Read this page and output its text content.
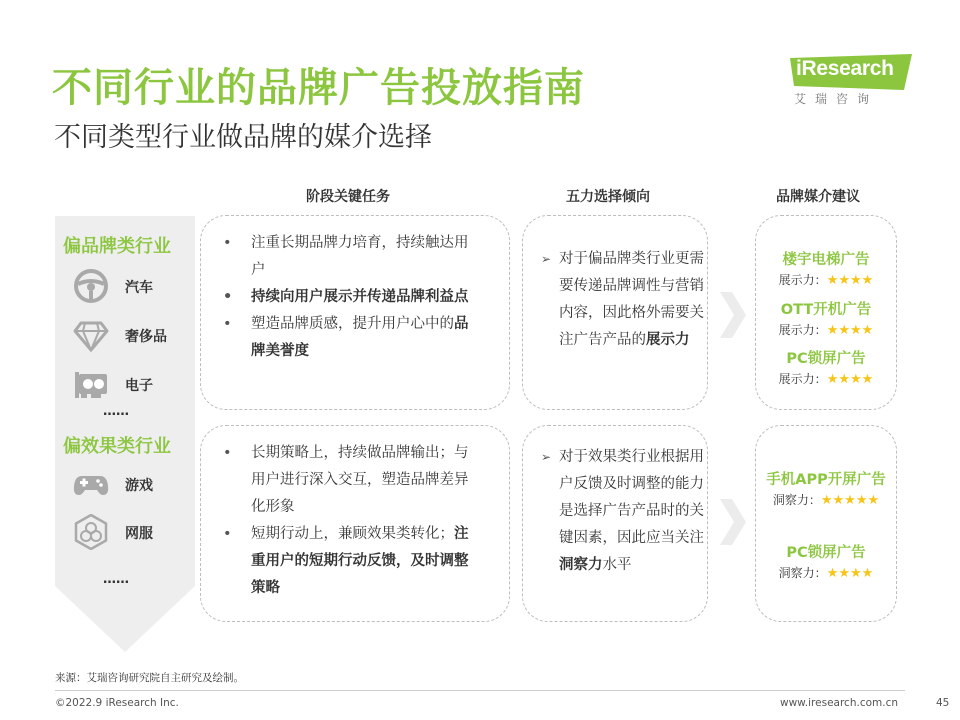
不同行业的品牌广告投放指南
不同类型行业做品牌的媒介选择
iResearch
艾瑞咨询
阶段关键任务	五力选择倾向	品牌媒介建议
偏品牌类行业
汽车
奢侈品
电子
……
偏效果类行业
游戏
网服
……
• 注重长期品牌力培育，持续触达用户
• 持续向用户展示并传递品牌利益点
• 塑造品牌质感，提升用户心中的品牌美誉度
➢ 对于偏品牌类行业更需要传递品牌调性与营销内容，因此格外需要关注广告产品的展示力
楼宇电梯广告
展示力：★★★★
OTT开机广告
展示力：★★★★
PC锁屏广告
展示力：★★★★
• 长期策略上，持续做品牌输出；与用户进行深入交互，塑造品牌差异化形象
• 短期行动上，兼顾效果类转化；注重用户的短期行动反馈，及时调整策略
➢ 对于效果类行业根据用户反馈及时调整的能力是选择广告产品时的关键因素，因此应当关注洞察力水平
手机APP开屏广告
洞察力：★★★★★
PC锁屏广告
洞察力：★★★★
来源：艾瑞咨询研究院自主研究及绘制。
©2022.9 iResearch Inc.	www.iresearch.com.cn	45
